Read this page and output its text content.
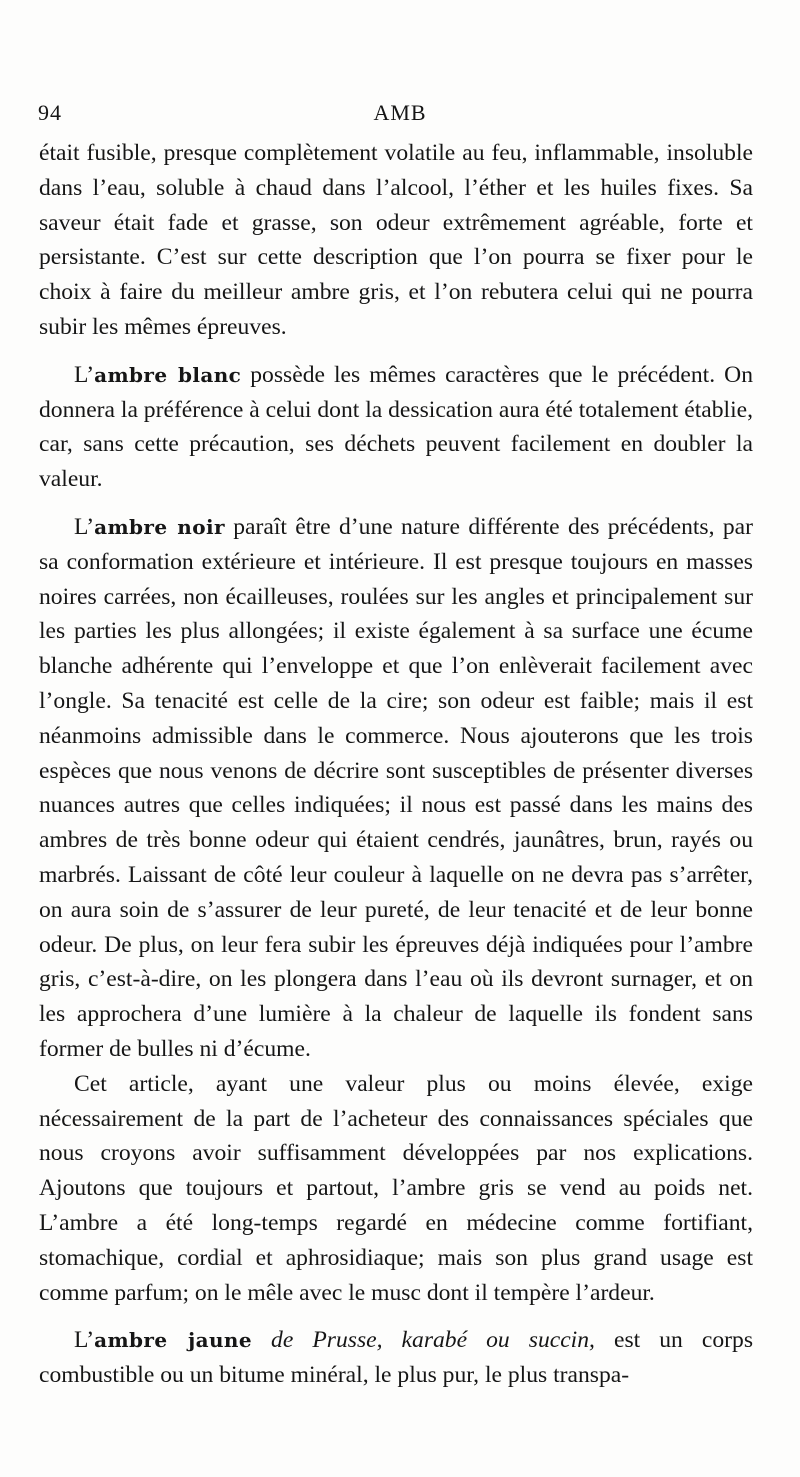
94	AMB

était fusible, presque complètement volatile au feu, inflammable, insoluble dans l’eau, soluble à chaud dans l’alcool, l’éther et les huiles fixes. Sa saveur était fade et grasse, son odeur extrêmement agréable, forte et persistante. C’est sur cette description que l’on pourra se fixer pour le choix à faire du meilleur ambre gris, et l’on rebutera celui qui ne pourra subir les mêmes épreuves.

L’ambre blanc possède les mêmes caractères que le précédent. On donnera la préférence à celui dont la dessication aura été totalement établie, car, sans cette précaution, ses déchets peuvent facilement en doubler la valeur.

L’ambre noir paraît être d’une nature différente des précédents, par sa conformation extérieure et intérieure. Il est presque toujours en masses noires carrées, non écailleuses, roulées sur les angles et principalement sur les parties les plus allongées; il existe également à sa surface une écume blanche adhérente qui l’enveloppe et que l’on enlèverait facilement avec l’ongle. Sa tenacité est celle de la cire; son odeur est faible; mais il est néanmoins admissible dans le commerce. Nous ajouterons que les trois espèces que nous venons de décrire sont susceptibles de présenter diverses nuances autres que celles indiquées; il nous est passé dans les mains des ambres de très bonne odeur qui étaient cendrés, jaunâtres, brun, rayés ou marbrés. Laissant de côté leur couleur à laquelle on ne devra pas s’arrêter, on aura soin de s’assurer de leur pureté, de leur tenacité et de leur bonne odeur. De plus, on leur fera subir les épreuves déjà indiquées pour l’ambre gris, c’est-à-dire, on les plongera dans l’eau où ils devront surnager, et on les approchera d’une lumière à la chaleur de laquelle ils fondent sans former de bulles ni d’écume.

Cet article, ayant une valeur plus ou moins élevée, exige nécessairement de la part de l’acheteur des connaissances spéciales que nous croyons avoir suffisamment développées par nos explications. Ajoutons que toujours et partout, l’ambre gris se vend au poids net. L’ambre a été long-temps regardé en médecine comme fortifiant, stomachique, cordial et aphrosidiaque; mais son plus grand usage est comme parfum; on le mêle avec le musc dont il tempère l’ardeur.

L’ambre jaune de Prusse, karabé ou succin, est un corps combustible ou un bitume minéral, le plus pur, le plus transpa-
